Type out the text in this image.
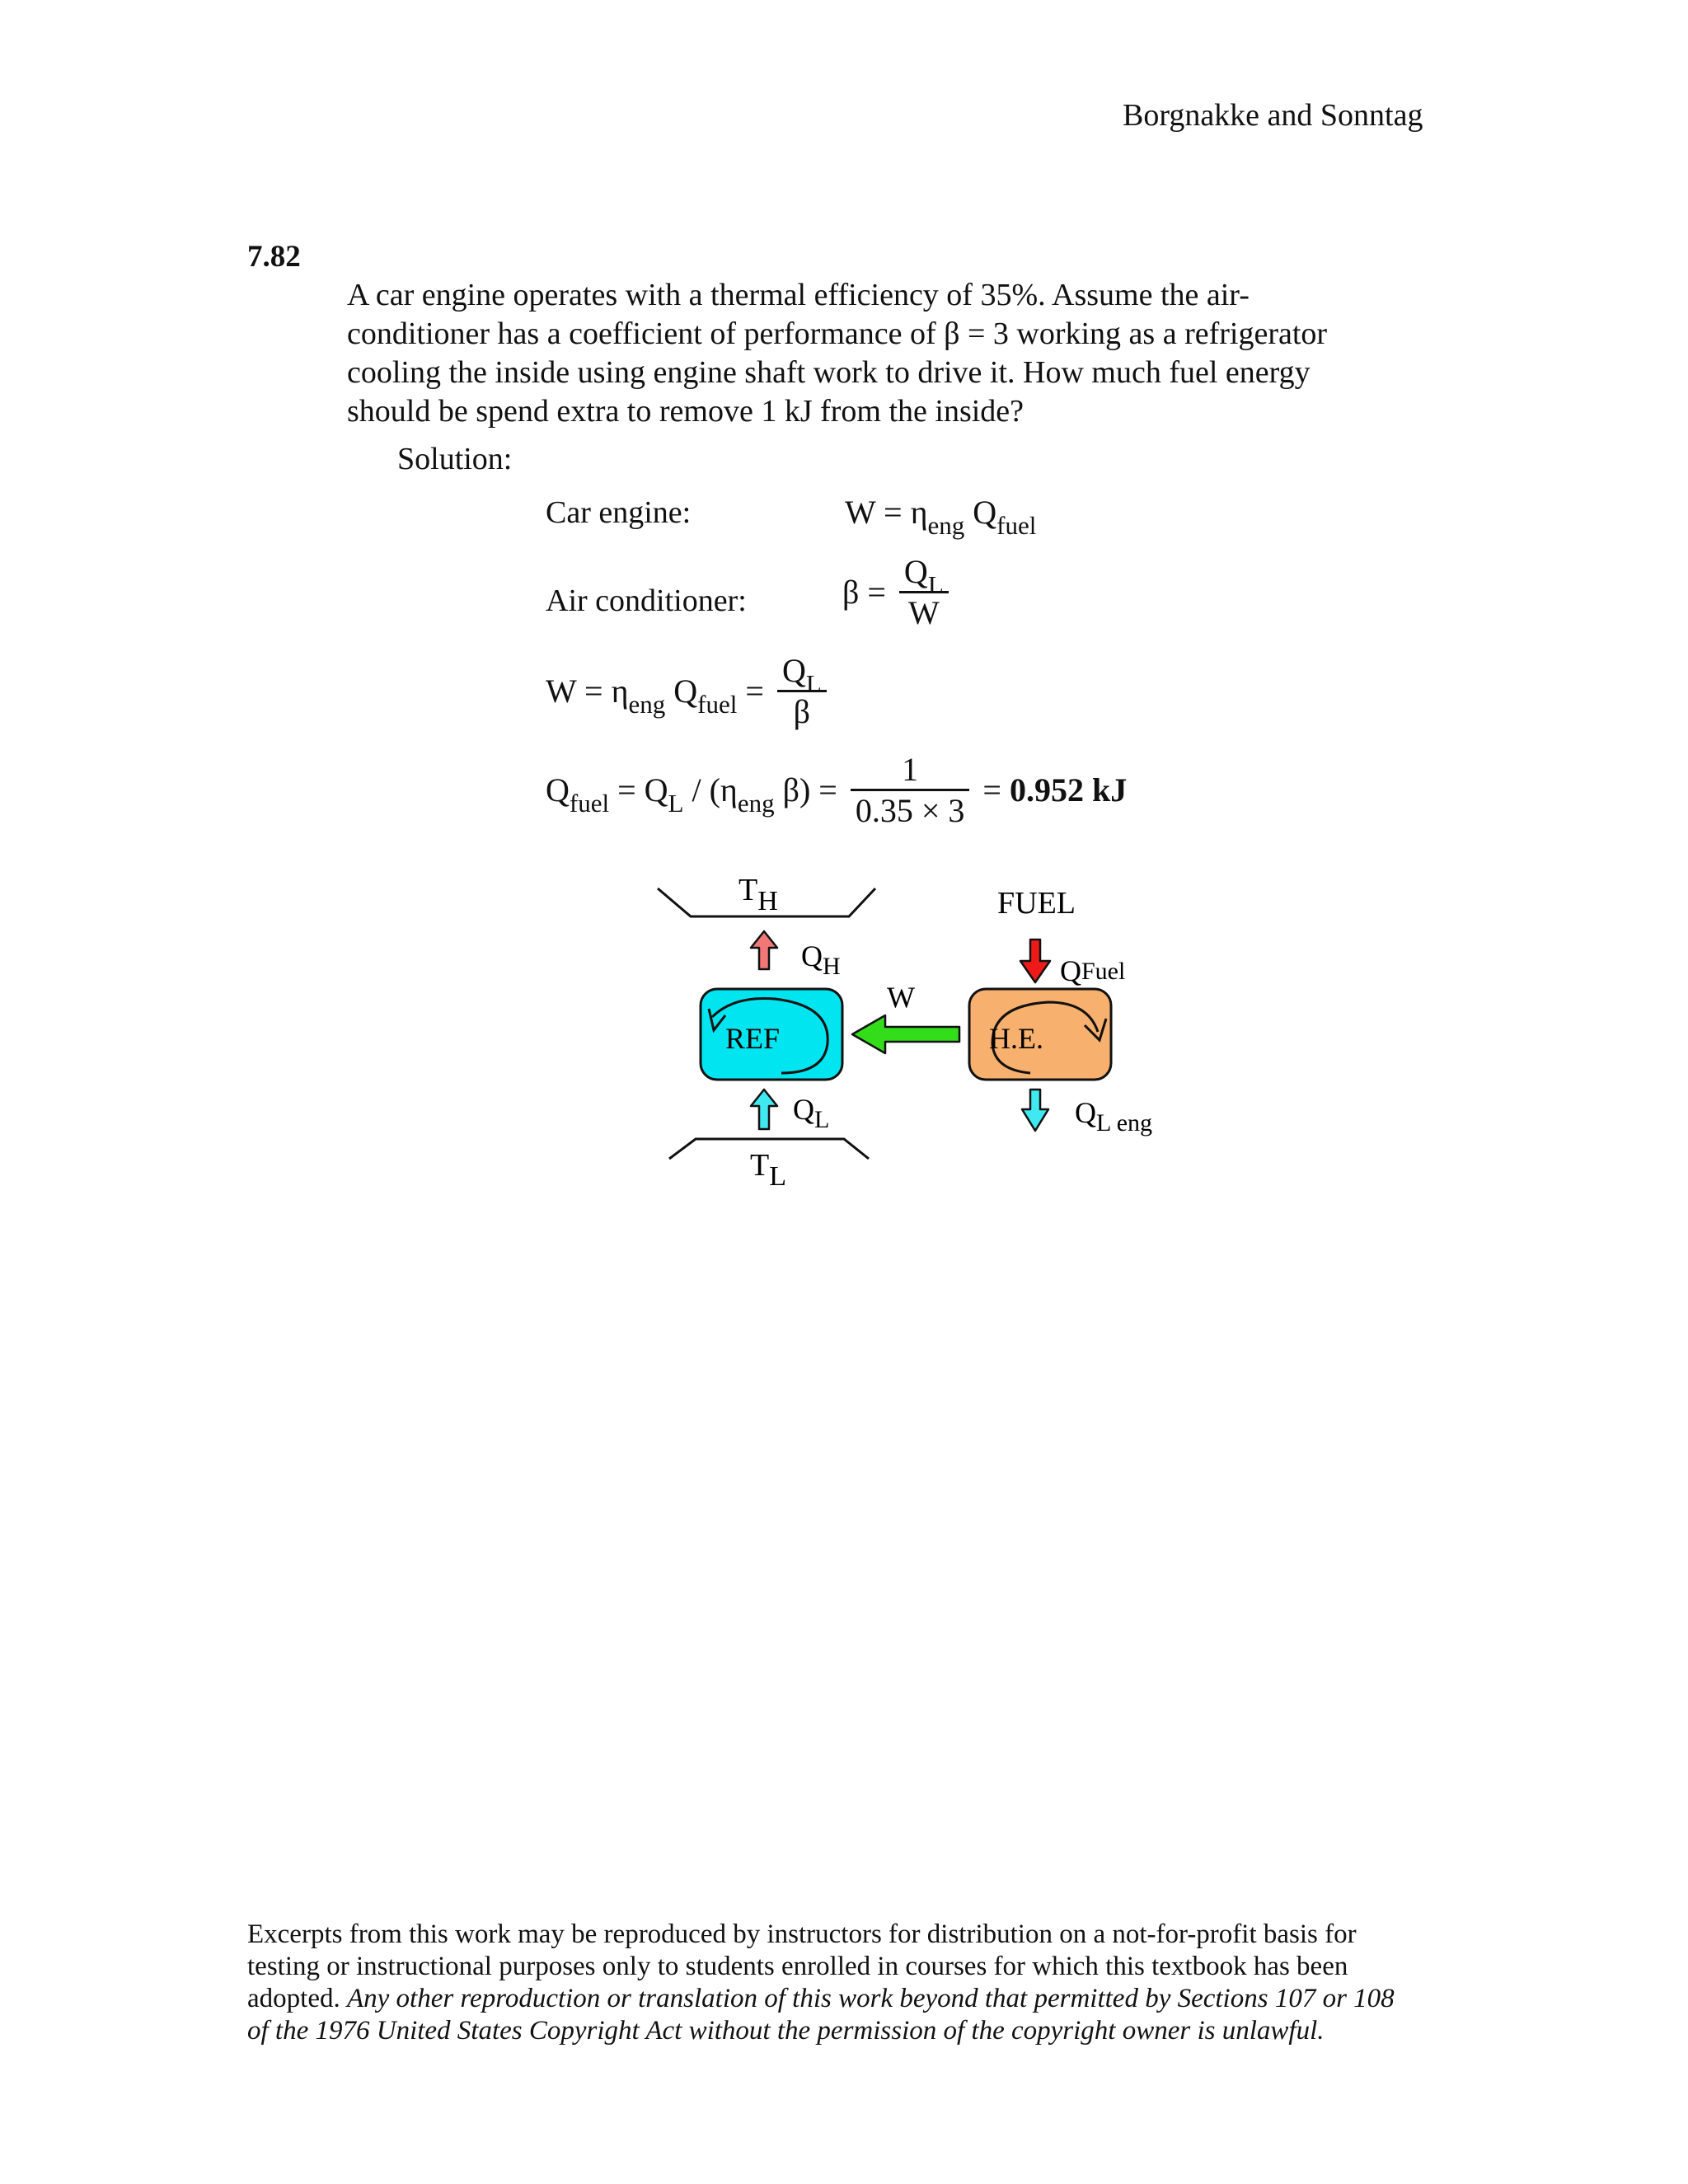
Borgnakke and Sonntag
7.82
A car engine operates with a thermal efficiency of 35%. Assume the air-
conditioner has a coefficient of performance of β = 3 working as a refrigerator
cooling the inside using engine shaft work to drive it. How much fuel energy
should be spend extra to remove 1 kJ from the inside?
Solution:
Car engine:	$W = \eta_{eng}$ $Q_{fuel}$
Air conditioner:	$\beta = \frac{Q_L}{W}$
$W = \eta_{eng}$ $Q_{fuel} = \frac{Q_L}{\beta}$
$Q_{fuel} = Q_L / (\eta_{eng}$ $\beta) = \frac{1}{0.35 \times 3} = 0.952$ kJ
TH
$Q_H$
REF
W
H.E.
FUEL
QFuel
$Q_{L eng}$
$Q_L$
TL
Excerpts from this work may be reproduced by instructors for distribution on a not-for-profit basis for
testing or instructional purposes only to students enrolled in courses for which this textbook has been
adopted. Any other reproduction or translation of this work beyond that permitted by Sections 107 or 108
of the 1976 United States Copyright Act without the permission of the copyright owner is unlawful.
